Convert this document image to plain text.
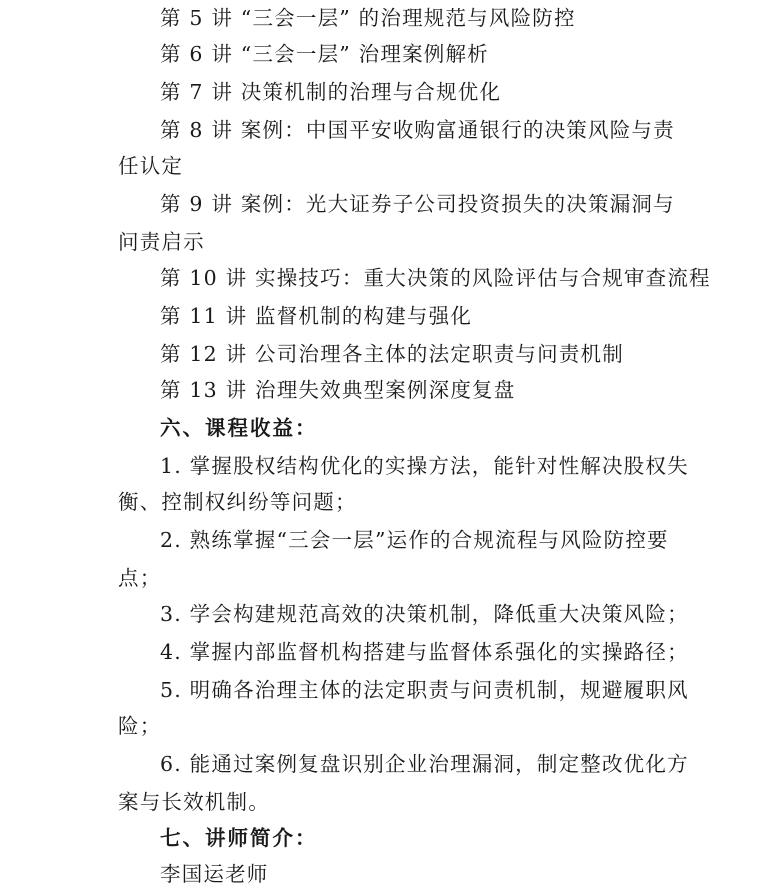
第 5 讲 “三会一层” 的治理规范与风险防控
第 6 讲 “三会一层” 治理案例解析
第 7 讲 决策机制的治理与合规优化
第 8 讲 案例：中国平安收购富通银行的决策风险与责
任认定
第 9 讲 案例：光大证券子公司投资损失的决策漏洞与
问责启示
第 10 讲 实操技巧：重大决策的风险评估与合规审查流程
第 11 讲 监督机制的构建与强化
第 12 讲 公司治理各主体的法定职责与问责机制
第 13 讲 治理失效典型案例深度复盘
六、课程收益：
1. 掌握股权结构优化的实操方法，能针对性解决股权失
衡、控制权纠纷等问题；
2. 熟练掌握“三会一层”运作的合规流程与风险防控要
点；
3. 学会构建规范高效的决策机制，降低重大决策风险；
4. 掌握内部监督机构搭建与监督体系强化的实操路径；
5. 明确各治理主体的法定职责与问责机制，规避履职风
险；
6. 能通过案例复盘识别企业治理漏洞，制定整改优化方
案与长效机制。
七、讲师简介：
李国运老师
